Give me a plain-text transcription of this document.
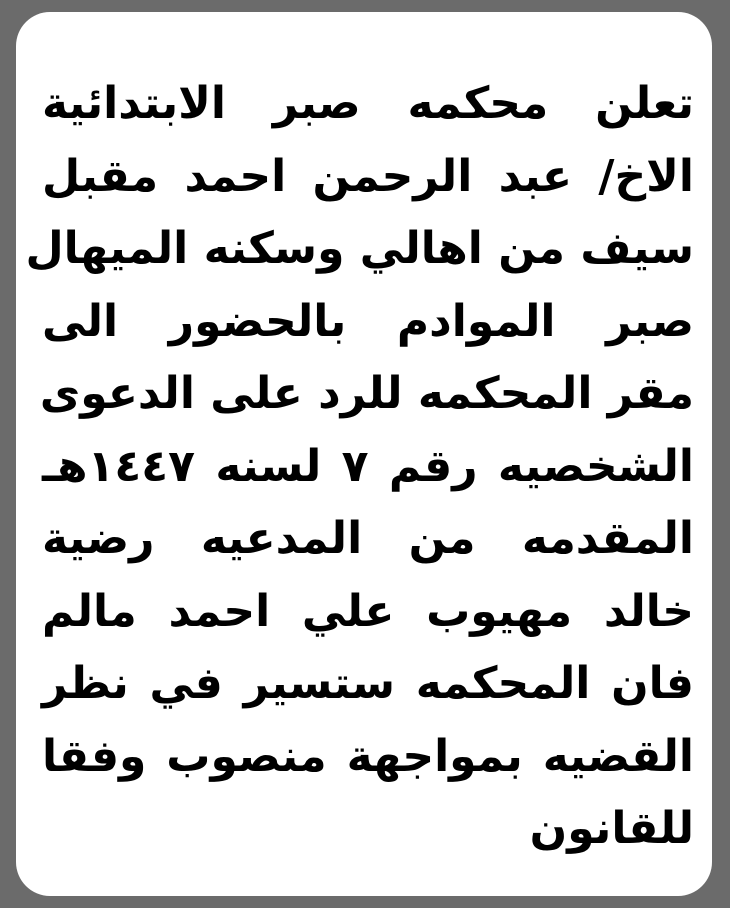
تعلن محكمه صبر الابتدائية
الاخ/ عبد الرحمن احمد مقبل
سيف من اهالي وسكنه الميهال
صبر الموادم بالحضور الى
مقر المحكمه للرد على الدعوى
الشخصيه رقم ٧ لسنه ١٤٤٧هـ
المقدمه من المدعيه رضية
خالد مهيوب علي احمد مالم
فان المحكمه ستسير في نظر
القضيه بمواجهة منصوب وفقا
للقانون
